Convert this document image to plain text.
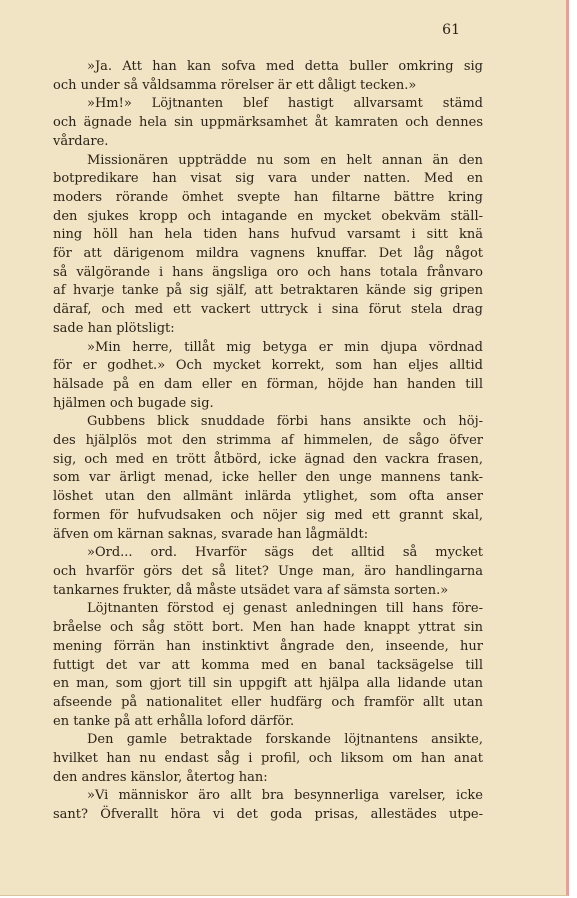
61
»Ja. Att han kan sofva med detta buller omkring sig
och under så våldsamma rörelser är ett dåligt tecken.»
»Hm!» Löjtnanten blef hastigt allvarsamt stämd
och ägnade hela sin uppmärksamhet åt kamraten och dennes
vårdare.
Missionären uppträdde nu som en helt annan än den
botpredikare han visat sig vara under natten. Med en
moders rörande ömhet svepte han filtarne bättre kring
den sjukes kropp och intagande en mycket obekväm ställ-
ning höll han hela tiden hans hufvud varsamt i sitt knä
för att därigenom mildra vagnens knuffar. Det låg något
så välgörande i hans ängsliga oro och hans totala frånvaro
af hvarje tanke på sig själf, att betraktaren kände sig gripen
däraf, och med ett vackert uttryck i sina förut stela drag
sade han plötsligt:
»Min herre, tillåt mig betyga er min djupa vördnad
för er godhet.» Och mycket korrekt, som han eljes alltid
hälsade på en dam eller en förman, höjde han handen till
hjälmen och bugade sig.
Gubbens blick snuddade förbi hans ansikte och höj-
des hjälplös mot den strimma af himmelen, de sågo öfver
sig, och med en trött åtbörd, icke ägnad den vackra frasen,
som var ärligt menad, icke heller den unge mannens tank-
löshet utan den allmänt inlärda ytlighet, som ofta anser
formen för hufvudsaken och nöjer sig med ett grannt skal,
äfven om kärnan saknas, svarade han lågmäldt:
»Ord... ord. Hvarför sägs det alltid så mycket
och hvarför görs det så litet? Unge man, äro handlingarna
tankarnes frukter, då måste utsädet vara af sämsta sorten.»
Löjtnanten förstod ej genast anledningen till hans före-
bråelse och såg stött bort. Men han hade knappt yttrat sin
mening förrän han instinktivt ångrade den, inseende, hur
futtigt det var att komma med en banal tacksägelse till
en man, som gjort till sin uppgift att hjälpa alla lidande utan
afseende på nationalitet eller hudfärg och framför allt utan
en tanke på att erhålla loford därför.
Den gamle betraktade forskande löjtnantens ansikte,
hvilket han nu endast såg i profil, och liksom om han anat
den andres känslor, återtog han:
»Vi människor äro allt bra besynnerliga varelser, icke
sant? Öfverallt höra vi det goda prisas, allestädes utpe-
